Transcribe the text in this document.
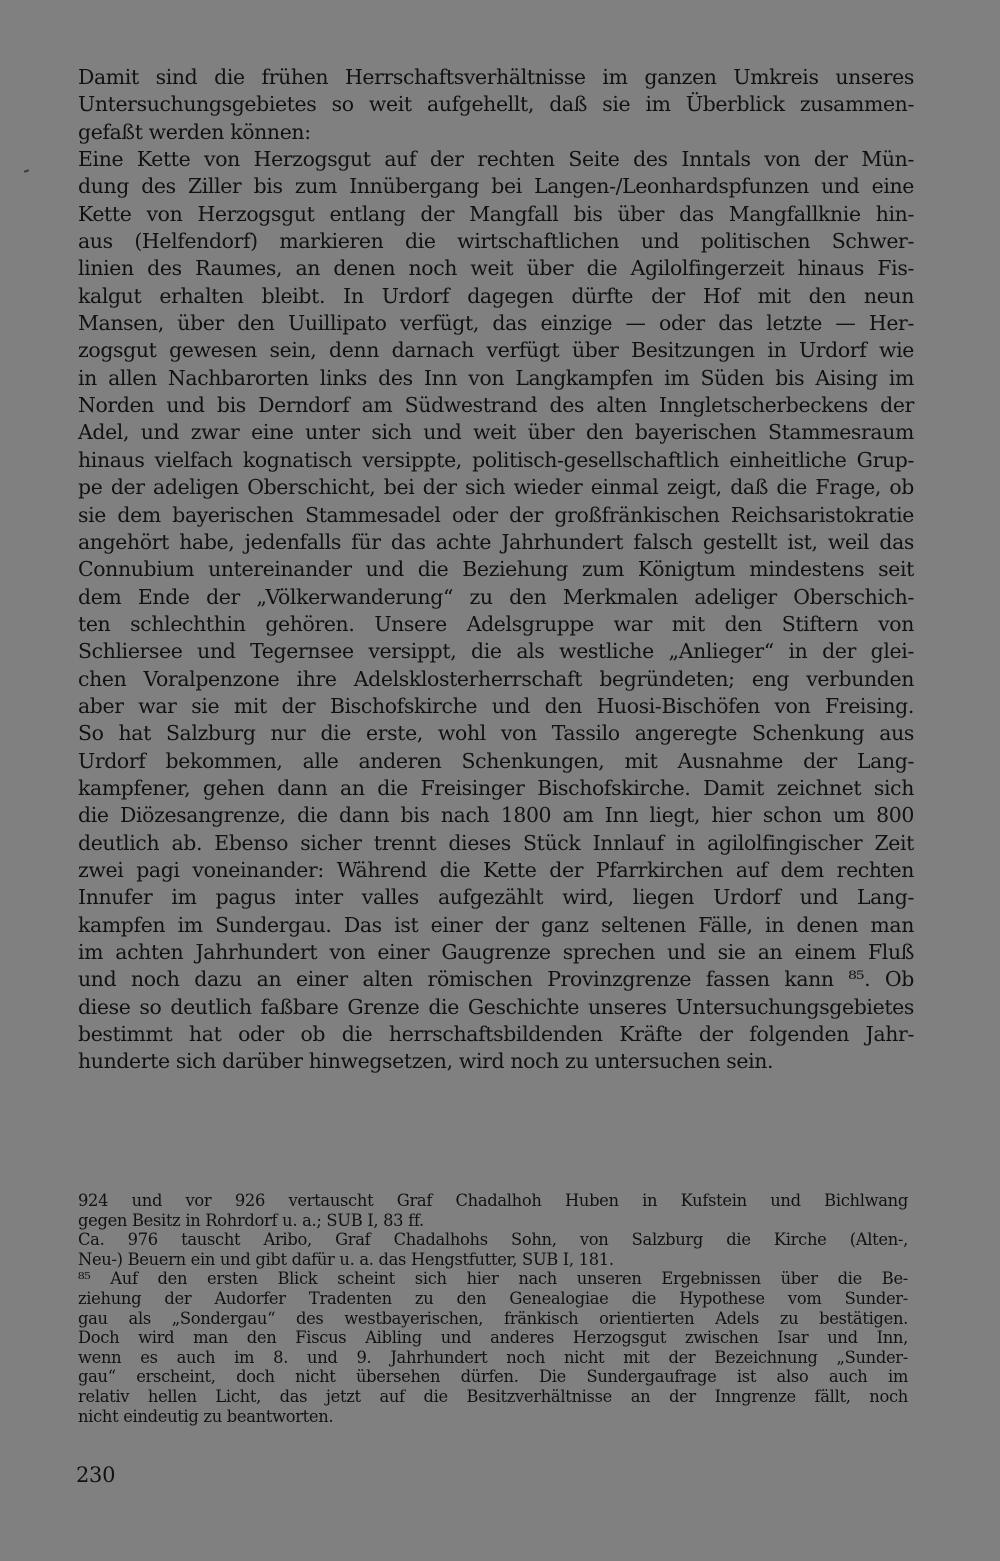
Damit sind die frühen Herrschaftsverhältnisse im ganzen Umkreis unseres
Untersuchungsgebietes so weit aufgehellt, daß sie im Überblick zusammen-
gefaßt werden können:
Eine Kette von Herzogsgut auf der rechten Seite des Inntals von der Mün-
dung des Ziller bis zum Innübergang bei Langen-/Leonhardspfunzen und eine
Kette von Herzogsgut entlang der Mangfall bis über das Mangfallknie hin-
aus (Helfendorf) markieren die wirtschaftlichen und politischen Schwer-
linien des Raumes, an denen noch weit über die Agilolfingerzeit hinaus Fis-
kalgut erhalten bleibt. In Urdorf dagegen dürfte der Hof mit den neun
Mansen, über den Uuillipato verfügt, das einzige — oder das letzte — Her-
zogsgut gewesen sein, denn darnach verfügt über Besitzungen in Urdorf wie
in allen Nachbarorten links des Inn von Langkampfen im Süden bis Aising im
Norden und bis Derndorf am Südwestrand des alten Inngletscherbeckens der
Adel, und zwar eine unter sich und weit über den bayerischen Stammesraum
hinaus vielfach kognatisch versippte, politisch-gesellschaftlich einheitliche Grup-
pe der adeligen Oberschicht, bei der sich wieder einmal zeigt, daß die Frage, ob
sie dem bayerischen Stammesadel oder der großfränkischen Reichsaristokratie
angehört habe, jedenfalls für das achte Jahrhundert falsch gestellt ist, weil das
Connubium untereinander und die Beziehung zum Königtum mindestens seit
dem Ende der „Völkerwanderung“ zu den Merkmalen adeliger Oberschich-
ten schlechthin gehören. Unsere Adelsgruppe war mit den Stiftern von
Schliersee und Tegernsee versippt, die als westliche „Anlieger“ in der glei-
chen Voralpenzone ihre Adelsklosterherrschaft begründeten; eng verbunden
aber war sie mit der Bischofskirche und den Huosi-Bischöfen von Freising.
So hat Salzburg nur die erste, wohl von Tassilo angeregte Schenkung aus
Urdorf bekommen, alle anderen Schenkungen, mit Ausnahme der Lang-
kampfener, gehen dann an die Freisinger Bischofskirche. Damit zeichnet sich
die Diözesangrenze, die dann bis nach 1800 am Inn liegt, hier schon um 800
deutlich ab. Ebenso sicher trennt dieses Stück Innlauf in agilolfingischer Zeit
zwei pagi voneinander: Während die Kette der Pfarrkirchen auf dem rechten
Innufer im pagus inter valles aufgezählt wird, liegen Urdorf und Lang-
kampfen im Sundergau. Das ist einer der ganz seltenen Fälle, in denen man
im achten Jahrhundert von einer Gaugrenze sprechen und sie an einem Fluß
und noch dazu an einer alten römischen Provinzgrenze fassen kann ⁸⁵. Ob
diese so deutlich faßbare Grenze die Geschichte unseres Untersuchungsgebietes
bestimmt hat oder ob die herrschaftsbildenden Kräfte der folgenden Jahr-
hunderte sich darüber hinwegsetzen, wird noch zu untersuchen sein.
924 und vor 926 vertauscht Graf Chadalhoh Huben in Kufstein und Bichlwang
gegen Besitz in Rohrdorf u. a.; SUB I, 83 ff.
Ca. 976 tauscht Aribo, Graf Chadalhohs Sohn, von Salzburg die Kirche (Alten-,
Neu-) Beuern ein und gibt dafür u. a. das Hengstfutter, SUB I, 181.
⁸⁵ Auf den ersten Blick scheint sich hier nach unseren Ergebnissen über die Be-
ziehung der Audorfer Tradenten zu den Genealogiae die Hypothese vom Sunder-
gau als „Sondergau“ des westbayerischen, fränkisch orientierten Adels zu bestätigen.
Doch wird man den Fiscus Aibling und anderes Herzogsgut zwischen Isar und Inn,
wenn es auch im 8. und 9. Jahrhundert noch nicht mit der Bezeichnung „Sunder-
gau“ erscheint, doch nicht übersehen dürfen. Die Sundergaufrage ist also auch im
relativ hellen Licht, das jetzt auf die Besitzverhältnisse an der Inngrenze fällt, noch
nicht eindeutig zu beantworten.
230
